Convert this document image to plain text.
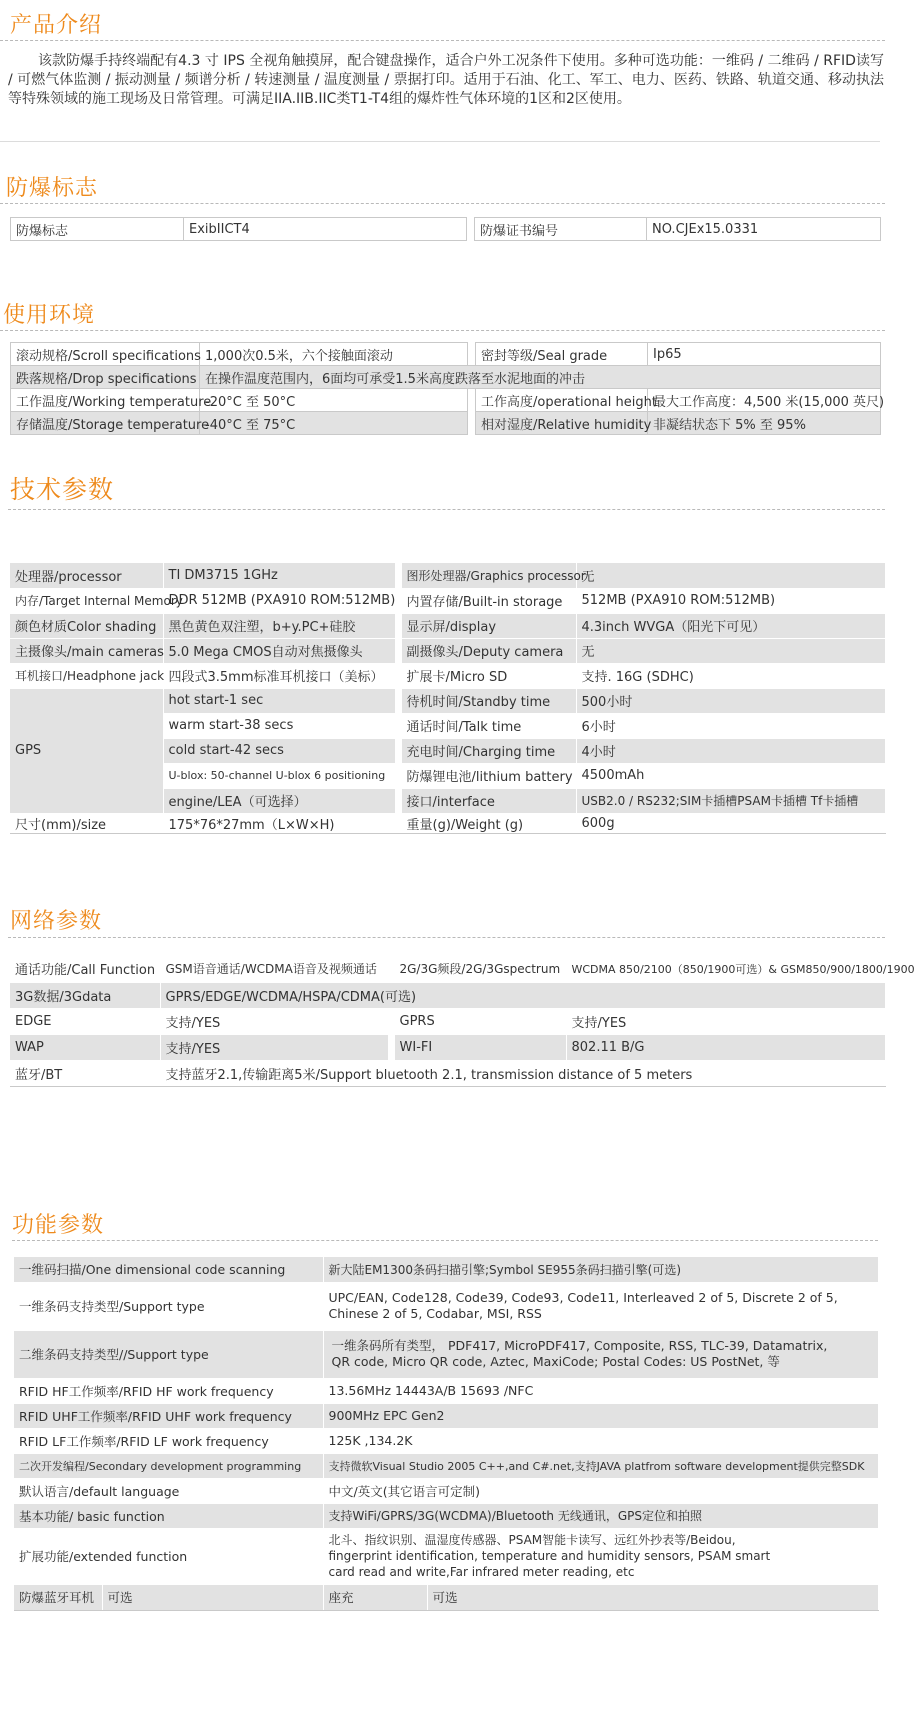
产品介绍

该款防爆手持终端配有4.3 寸 IPS 全视角触摸屏，配合键盘操作，适合户外工况条件下使用。多种可选功能：一维码 / 二维码 / RFID读写 / 可燃气体监测 / 振动测量 / 频谱分析 / 转速测量 / 温度测量 / 票据打印。适用于石油、化工、军工、电力、医药、铁路、轨道交通、移动执法等特殊领域的施工现场及日常管理。可满足IIA.IIB.IIC类T1-T4组的爆炸性气体环境的1区和2区使用。

防爆标志
防爆标志	ExibIICT4	防爆证书编号	NO.CJEx15.0331
使用环境
滚动规格/Scroll specifications	1,000次0.5米，六个接触面滚动		密封等级/Seal grade	Ip65
跌落规格/Drop specifications	在操作温度范围内，6面均可承受1.5米高度跌落至水泥地面的冲击			
工作温度/Working temperature	-20°C 至 50°C		工作高度/operational height	最大工作高度：4,500 米(15,000 英尺)
存储温度/Storage temperature	-40°C 至 75°C		相对湿度/Relative humidity	非凝结状态下 5% 至 95%
技术参数
处理器/processor	TI DM3715 1GHz		图形处理器/Graphics processor	无
内存/Target Internal Memory	DDR 512MB (PXA910 ROM:512MB)		内置存储/Built-in storage	512MB (PXA910 ROM:512MB)
颜色材质Color shading	黑色黄色双注塑，b+y.PC+硅胶		显示屏/display	4.3inch WVGA（阳光下可见）
主摄像头/main cameras	5.0 Mega CMOS自动对焦摄像头		副摄像头/Deputy camera	无
耳机接口/Headphone jack	四段式3.5mm标准耳机接口（美标）		扩展卡/Micro SD	支持. 16G (SDHC)
GPS	hot start-1 sec		待机时间/Standby time	500小时
	warm start-38 secs		通话时间/Talk time	6小时
	cold start-42 secs		充电时间/Charging time	4小时
	U-blox: 50-channel U-blox 6 positioning		防爆锂电池/lithium battery	4500mAh
	engine/LEA（可选择）		接口/interface	USB2.0 / RS232;SIM卡插槽PSAM卡插槽 Tf卡插槽
尺寸(mm)/size	175*76*27mm（L×W×H)		重量(g)/Weight (g)	600g
网络参数
通话功能/Call Function	GSM语音通话/WCDMA语音及视频通话		2G/3G频段/2G/3Gspectrum	WCDMA 850/2100（850/1900可选）& GSM850/900/1800/1900
3G数据/3Gdata	GPRS/EDGE/WCDMA/HSPA/CDMA(可选)			
EDGE	支持/YES		GPRS	支持/YES
WAP	支持/YES		WI-FI	802.11 B/G
蓝牙/BT	支持蓝牙2.1,传输距离5米/Support bluetooth 2.1, transmission distance of 5 meters			
功能参数
一维码扫描/One dimensional code scanning		新大陆EM1300条码扫描引擎;Symbol SE955条码扫描引擎(可选)	
一维条码支持类型/Support type		UPC/EAN, Code128, Code39, Code93, Code11, Interleaved 2 of 5, Discrete 2 of 5,
Chinese 2 of 5, Codabar, MSI, RSS	

二维条码支持类型//Support type		一维条码所有类型， PDF417, MicroPDF417, Composite, RSS, TLC-39, Datamatrix,
QR code, Micro QR code, Aztec, MaxiCode; Postal Codes: US PostNet, 等	

RFID HF工作频率/RFID HF work frequency		13.56MHz 14443A/B 15693 /NFC	
RFID UHF工作频率/RFID UHF work frequency		900MHz EPC Gen2	
RFID LF工作频率/RFID LF work frequency		125K ,134.2K	
二次开发编程/Secondary development programming		支持微软Visual Studio 2005 C++,and C#.net,支持JAVA platfrom software development提供完整SDK	
默认语言/default language		中文/英文(其它语言可定制)	
基本功能/ basic function		支持WiFi/GPRS/3G(WCDMA)/Bluetooth 无线通讯，GPS定位和拍照	
扩展功能/extended function		北斗、指纹识别、温湿度传感器、PSAM智能卡读写、远红外抄表等/Beidou,
fingerprint identification, temperature and humidity sensors, PSAM smart
card read and write,Far infrared meter reading, etc	

防爆蓝牙耳机	可选	座充	可选
